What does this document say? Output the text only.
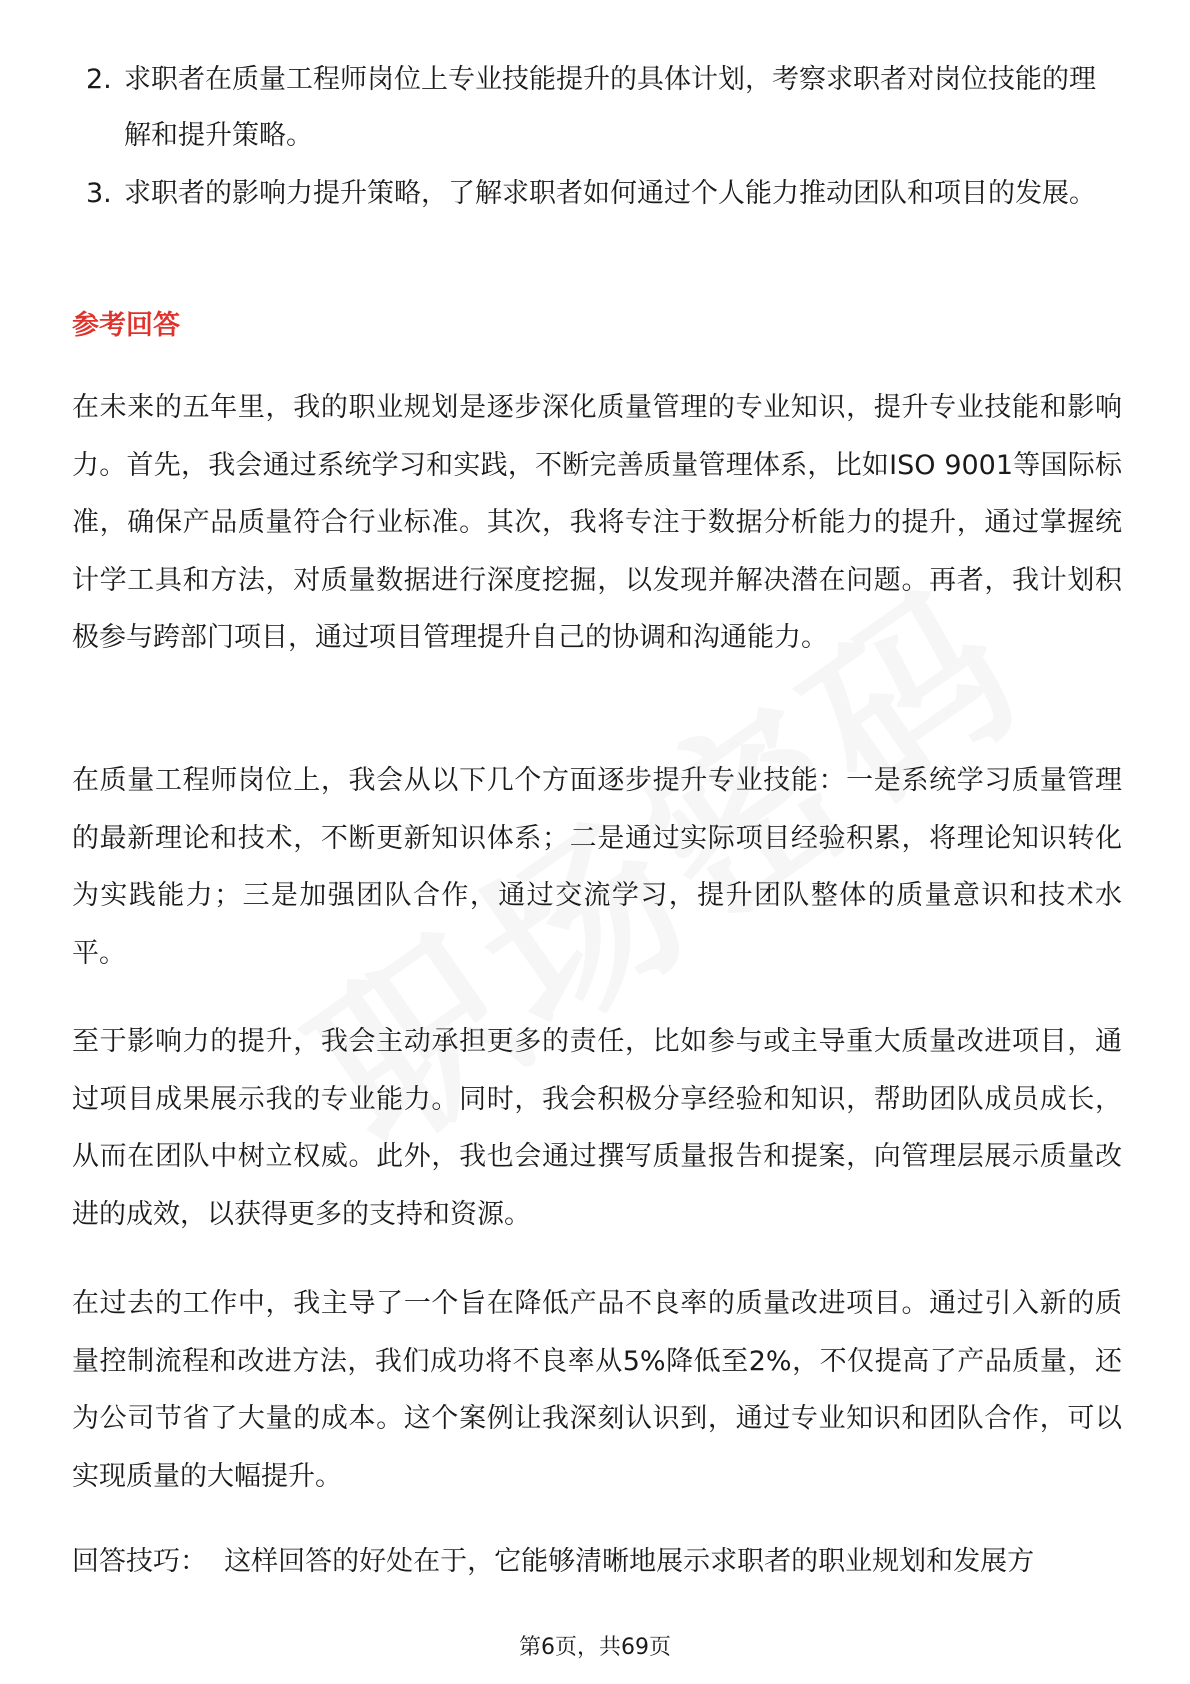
2. 求职者在质量工程师岗位上专业技能提升的具体计划，考察求职者对岗位技能的理解和提升策略。
3. 求职者的影响力提升策略，了解求职者如何通过个人能力推动团队和项目的发展。
参考回答

在未来的五年里，我的职业规划是逐步深化质量管理的专业知识，提升专业技能和影响力。首先，我会通过系统学习和实践，不断完善质量管理体系，比如ISO 9001等国际标准，确保产品质量符合行业标准。其次，我将专注于数据分析能力的提升，通过掌握统计学工具和方法，对质量数据进行深度挖掘，以发现并解决潜在问题。再者，我计划积极参与跨部门项目，通过项目管理提升自己的协调和沟通能力。

在质量工程师岗位上，我会从以下几个方面逐步提升专业技能：一是系统学习质量管理的最新理论和技术，不断更新知识体系；二是通过实际项目经验积累，将理论知识转化为实践能力；三是加强团队合作，通过交流学习，提升团队整体的质量意识和技术水平。

至于影响力的提升，我会主动承担更多的责任，比如参与或主导重大质量改进项目，通过项目成果展示我的专业能力。同时，我会积极分享经验和知识，帮助团队成员成长，从而在团队中树立权威。此外，我也会通过撰写质量报告和提案，向管理层展示质量改进的成效，以获得更多的支持和资源。

在过去的工作中，我主导了一个旨在降低产品不良率的质量改进项目。通过引入新的质量控制流程和改进方法，我们成功将不良率从5%降低至2%，不仅提高了产品质量，还为公司节省了大量的成本。这个案例让我深刻认识到，通过专业知识和团队合作，可以实现质量的大幅提升。

回答技巧： 这样回答的好处在于，它能够清晰地展示求职者的职业规划和发展方
第6页，共69页
